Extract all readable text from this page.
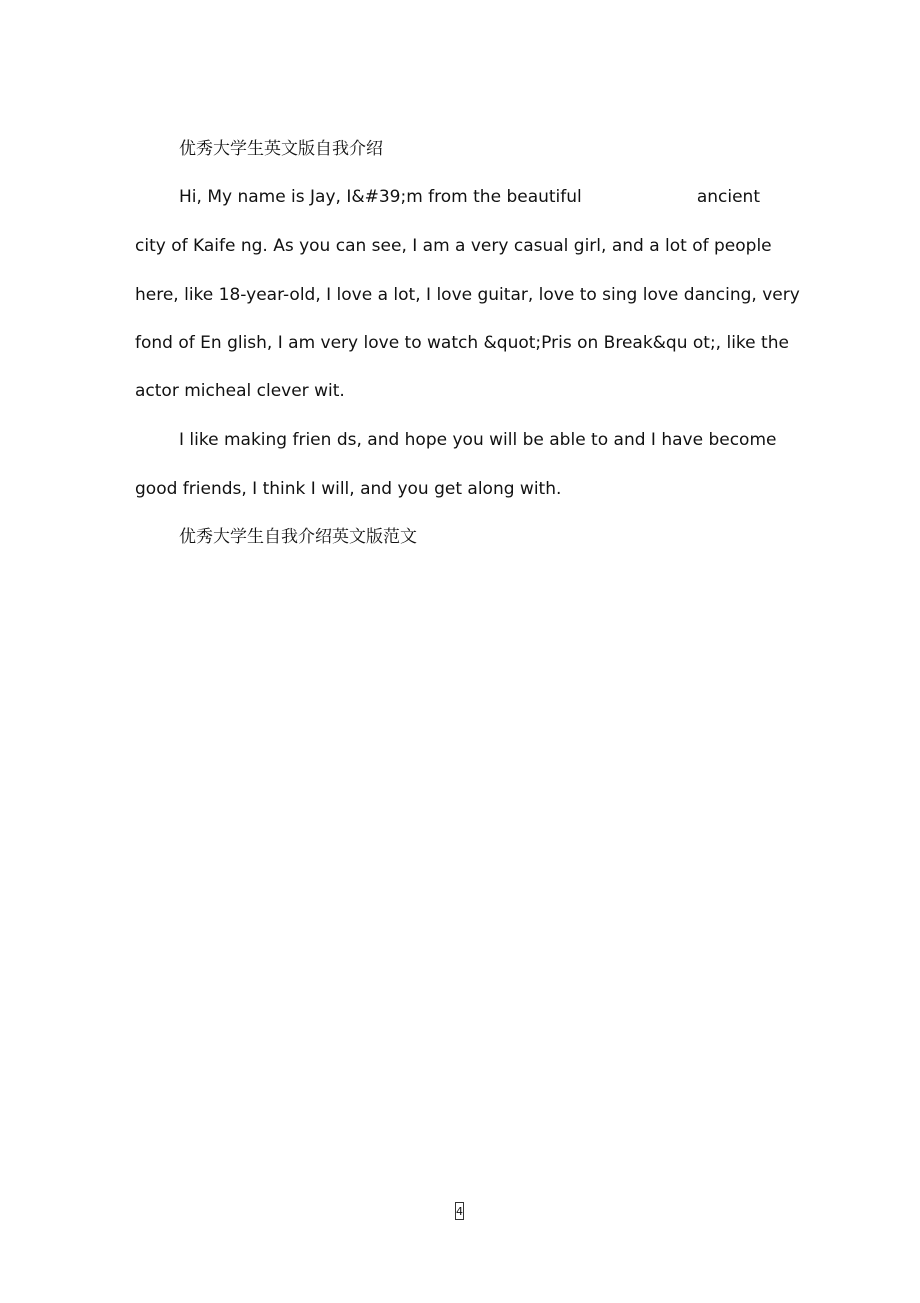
优秀大学生英文版自我介绍
Hi, My name is Jay, I&#39;m from the beautiful	ancient
city of Kaife ng. As you can see, I am a very casual girl, and a lot of people
here, like 18-year-old, I love a lot, I love guitar, love to sing love dancing, very
fond of En glish, I am very love to watch &quot;Pris on Break&qu ot;, like the
actor micheal clever wit.
I like making frien ds, and hope you will be able to and I have become
good friends, I think I will, and you get along with.
优秀大学生自我介绍英文版范文
4
